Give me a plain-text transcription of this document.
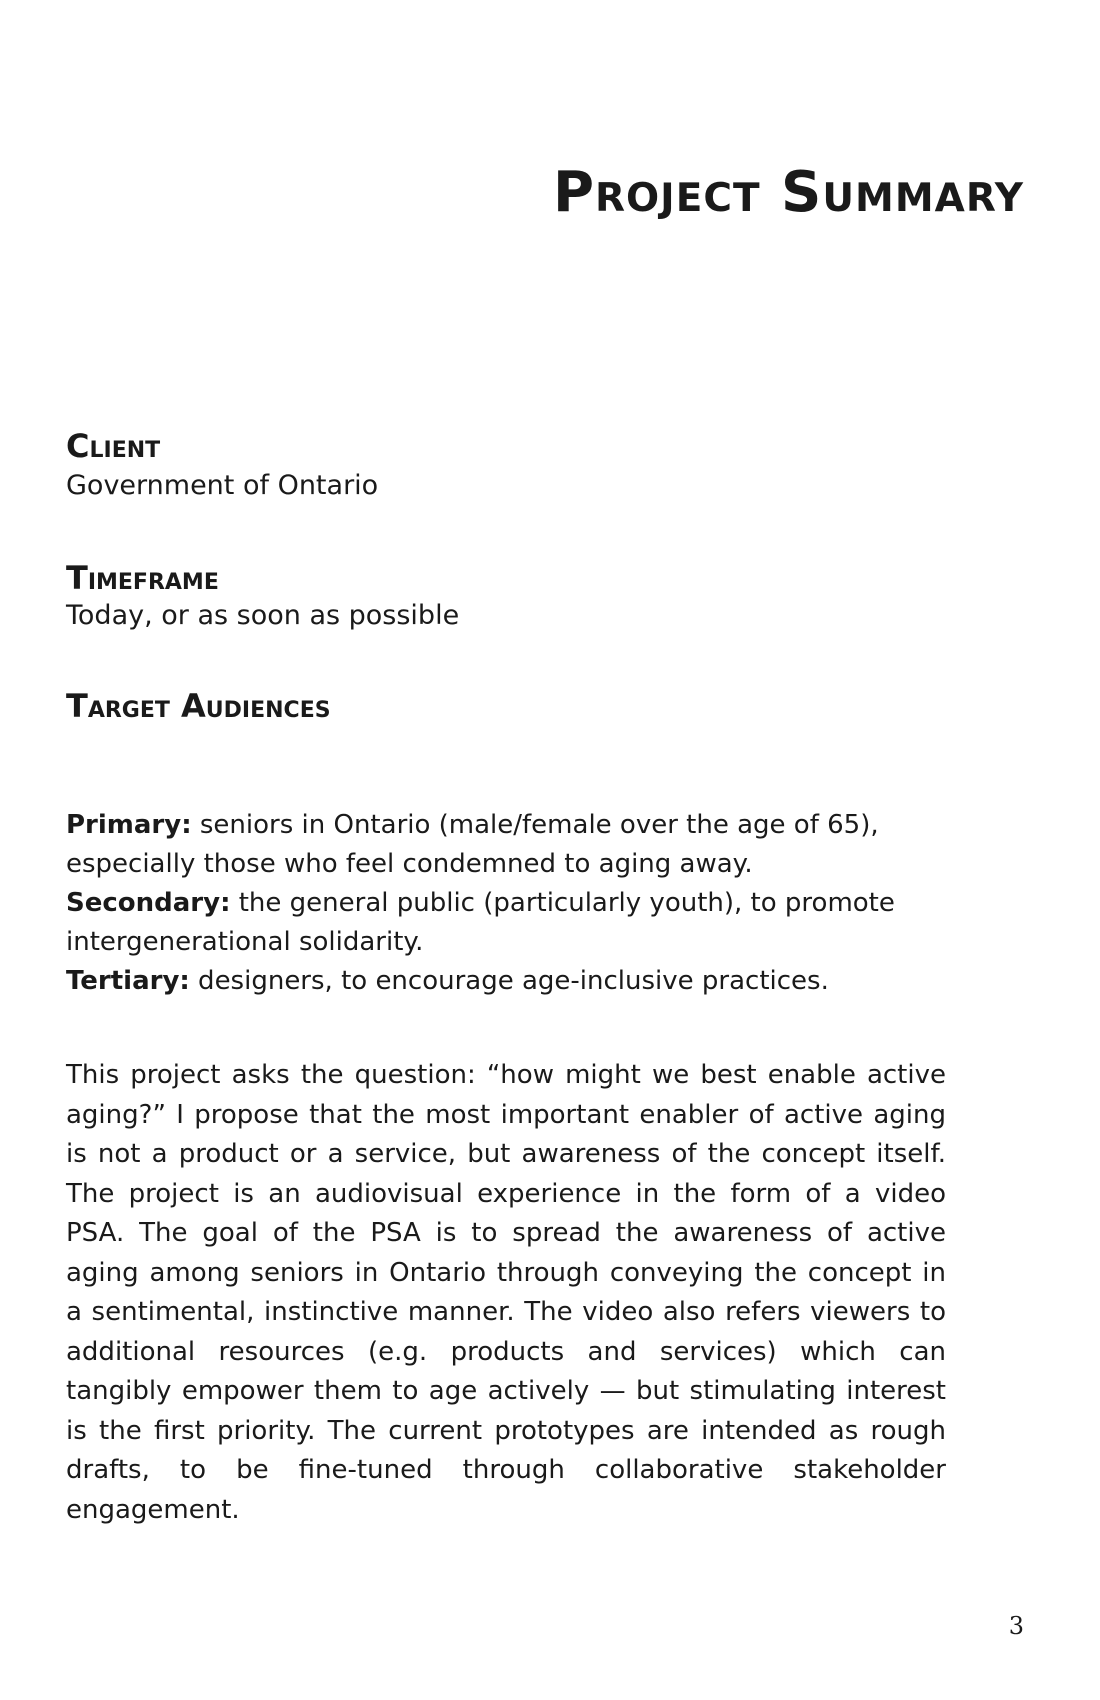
Project Summary
Client

Government of Ontario

Timeframe

Today, or as soon as possible

Target Audiences

Primary: seniors in Ontario (male/female over the age of 65), especially those who feel condemned to aging away.

Secondary: the general public (particularly youth), to promote intergenerational solidarity.

Tertiary: designers, to encourage age-inclusive practices.

This project asks the question: “how might we best enable active aging?” I propose that the most important enabler of active aging is not a product or a service, but awareness of the concept itself. The project is an audiovisual experience in the form of a video PSA. The goal of the PSA is to spread the awareness of active aging among seniors in Ontario through conveying the concept in a sentimental, instinctive manner. The video also refers viewers to additional resources (e.g. products and services) which can tangibly empower them to age actively — but stimulating interest is the first priority. The current prototypes are intended as rough drafts, to be fine-tuned through collaborative stakeholder engagement.

3
